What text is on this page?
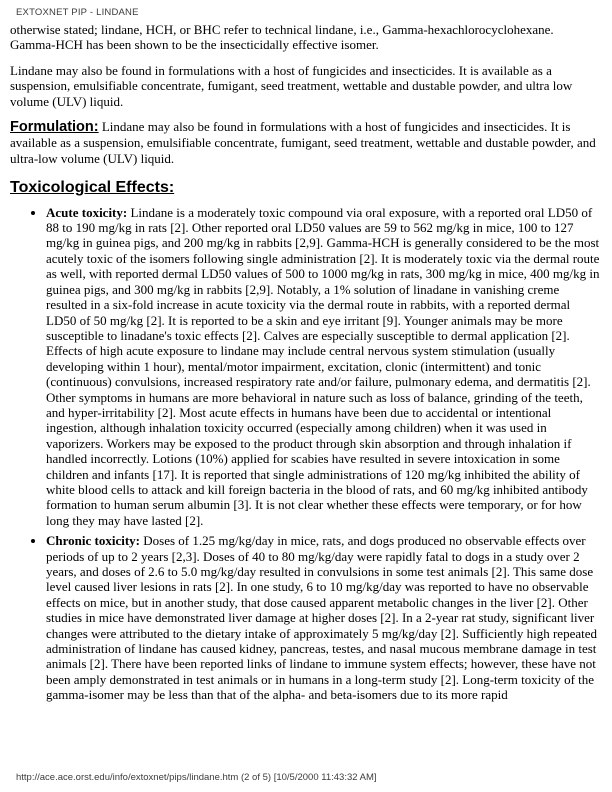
EXTOXNET PIP - LINDANE

otherwise stated; lindane, HCH, or BHC refer to technical lindane, i.e., Gamma-hexachlorocyclohexane. Gamma-HCH has been shown to be the insecticidally effective isomer.

Lindane may also be found in formulations with a host of fungicides and insecticides. It is available as a suspension, emulsifiable concentrate, fumigant, seed treatment, wettable and dustable powder, and ultra low volume (ULV) liquid.

Formulation: Lindane may also be found in formulations with a host of fungicides and insecticides. It is available as a suspension, emulsifiable concentrate, fumigant, seed treatment, wettable and dustable powder, and ultra-low volume (ULV) liquid.

Toxicological Effects:
• Acute toxicity: Lindane is a moderately toxic compound via oral exposure, with a reported oral LD50 of 88 to 190 mg/kg in rats [2]. Other reported oral LD50 values are 59 to 562 mg/kg in mice, 100 to 127 mg/kg in guinea pigs, and 200 mg/kg in rabbits [2,9]. Gamma-HCH is generally considered to be the most acutely toxic of the isomers following single administration [2]. It is moderately toxic via the dermal route as well, with reported dermal LD50 values of 500 to 1000 mg/kg in rats, 300 mg/kg in mice, 400 mg/kg in guinea pigs, and 300 mg/kg in rabbits [2,9]. Notably, a 1% solution of linadane in vanishing creme resulted in a six-fold increase in acute toxicity via the dermal route in rabbits, with a reported dermal LD50 of 50 mg/kg [2]. It is reported to be a skin and eye irritant [9]. Younger animals may be more susceptible to linadane's toxic effects [2]. Calves are especially susceptible to dermal application [2]. Effects of high acute exposure to lindane may include central nervous system stimulation (usually developing within 1 hour), mental/motor impairment, excitation, clonic (intermittent) and tonic (continuous) convulsions, increased respiratory rate and/or failure, pulmonary edema, and dermatitis [2]. Other symptoms in humans are more behavioral in nature such as loss of balance, grinding of the teeth, and hyper-irritability [2]. Most acute effects in humans have been due to accidental or intentional ingestion, although inhalation toxicity occurred (especially among children) when it was used in vaporizers. Workers may be exposed to the product through skin absorption and through inhalation if handled incorrectly. Lotions (10%) applied for scabies have resulted in severe intoxication in some children and infants [17]. It is reported that single administrations of 120 mg/kg inhibited the ability of white blood cells to attack and kill foreign bacteria in the blood of rats, and 60 mg/kg inhibited antibody formation to human serum albumin [3]. It is not clear whether these effects were temporary, or for how long they may have lasted [2].
• Chronic toxicity: Doses of 1.25 mg/kg/day in mice, rats, and dogs produced no observable effects over periods of up to 2 years [2,3]. Doses of 40 to 80 mg/kg/day were rapidly fatal to dogs in a study over 2 years, and doses of 2.6 to 5.0 mg/kg/day resulted in convulsions in some test animals [2]. This same dose level caused liver lesions in rats [2]. In one study, 6 to 10 mg/kg/day was reported to have no observable effects on mice, but in another study, that dose caused apparent metabolic changes in the liver [2]. Other studies in mice have demonstrated liver damage at higher doses [2]. In a 2-year rat study, significant liver changes were attributed to the dietary intake of approximately 5 mg/kg/day [2]. Sufficiently high repeated administration of lindane has caused kidney, pancreas, testes, and nasal mucous membrane damage in test animals [2]. There have been reported links of lindane to immune system effects; however, these have not been amply demonstrated in test animals or in humans in a long-term study [2]. Long-term toxicity of the gamma-isomer may be less than that of the alpha- and beta-isomers due to its more rapid
http://ace.ace.orst.edu/info/extoxnet/pips/lindane.htm (2 of 5) [10/5/2000 11:43:32 AM]
